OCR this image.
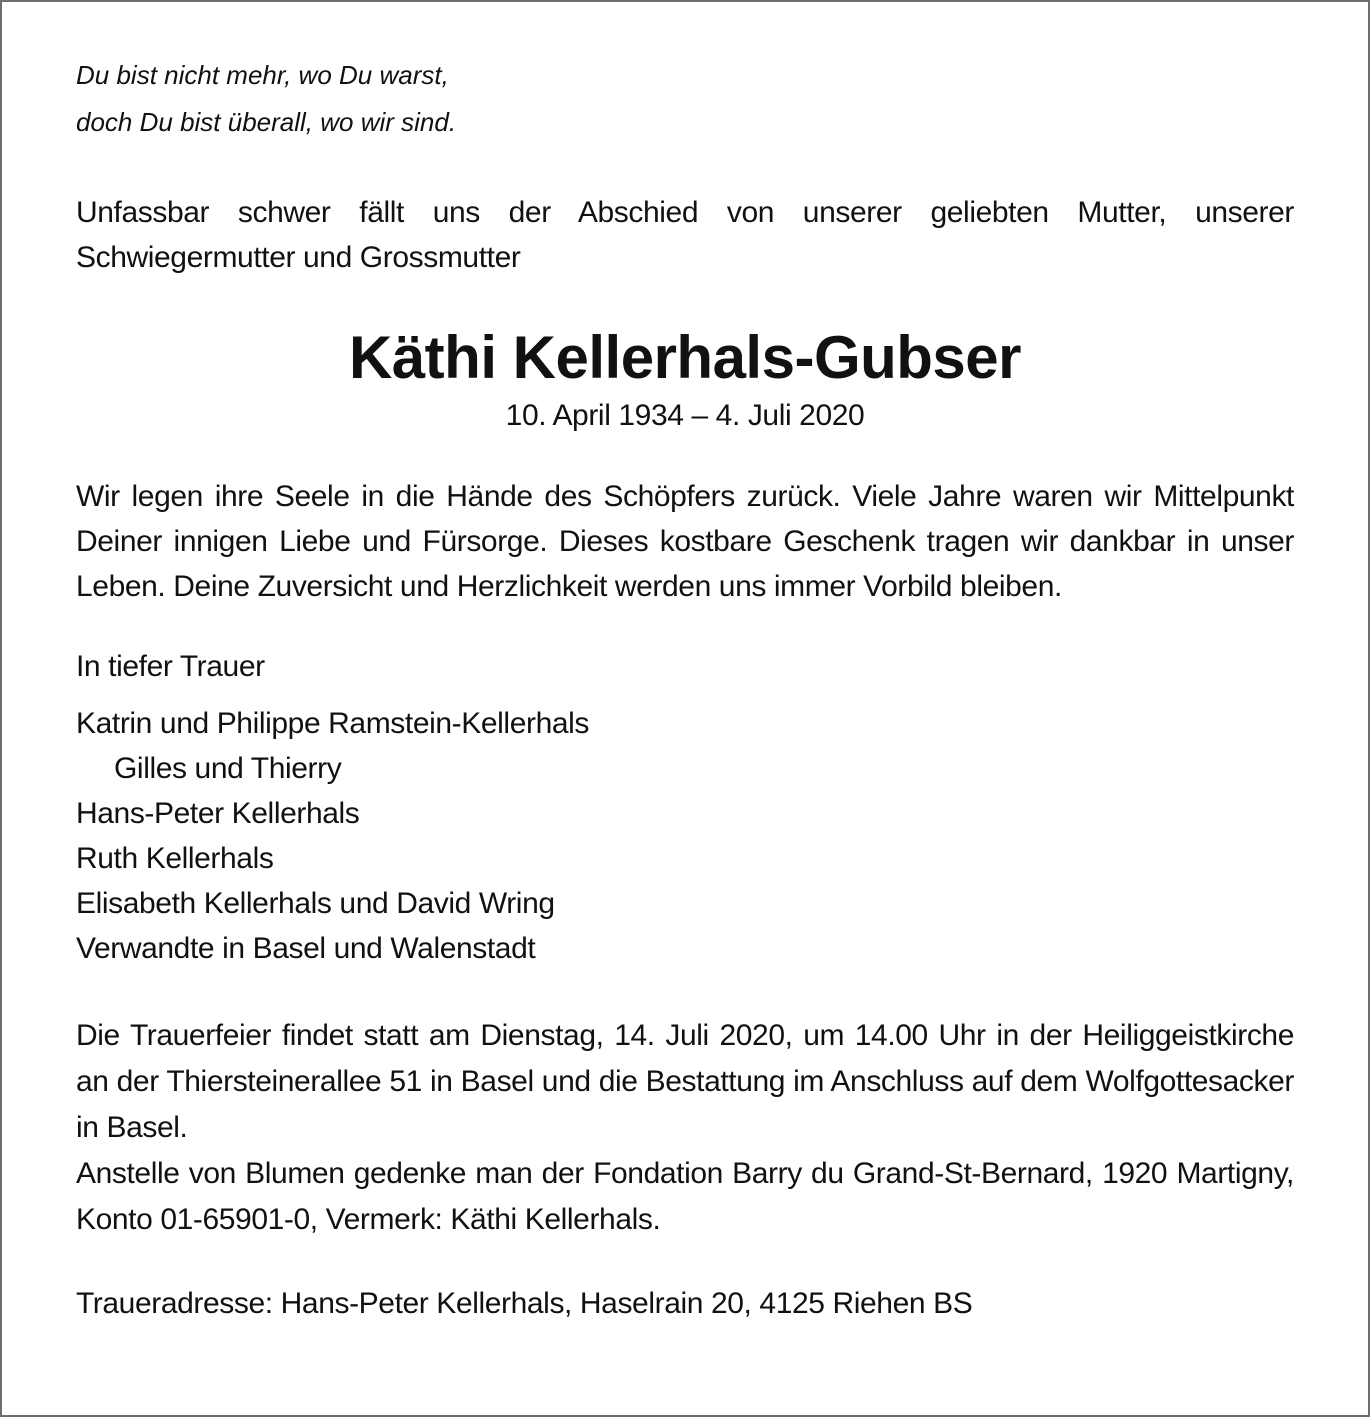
Du bist nicht mehr, wo Du warst,
doch Du bist überall, wo wir sind.

Unfassbar schwer fällt uns der Abschied von unserer geliebten Mutter, unserer Schwiegermutter und Grossmutter

Käthi Kellerhals-Gubser
10. April 1934 – 4. Juli 2020

Wir legen ihre Seele in die Hände des Schöpfers zurück. Viele Jahre waren wir Mittelpunkt Deiner innigen Liebe und Fürsorge. Dieses kostbare Geschenk tragen wir dankbar in unser Leben. Deine Zuversicht und Herzlichkeit werden uns immer Vorbild bleiben.

In tiefer Trauer

Katrin und Philippe Ramstein-Kellerhals
Gilles und Thierry
Hans-Peter Kellerhals
Ruth Kellerhals
Elisabeth Kellerhals und David Wring
Verwandte in Basel und Walenstadt

Die Trauerfeier findet statt am Dienstag, 14. Juli 2020, um 14.00 Uhr in der Heiliggeistkirche an der Thiersteinerallee 51 in Basel und die Bestattung im Anschluss auf dem Wolfgottesacker in Basel.

Anstelle von Blumen gedenke man der Fondation Barry du Grand-St-Bernard, 1920 Martigny, Konto 01-65901-0, Vermerk: Käthi Kellerhals.

Traueradresse: Hans-Peter Kellerhals, Haselrain 20, 4125 Riehen BS
